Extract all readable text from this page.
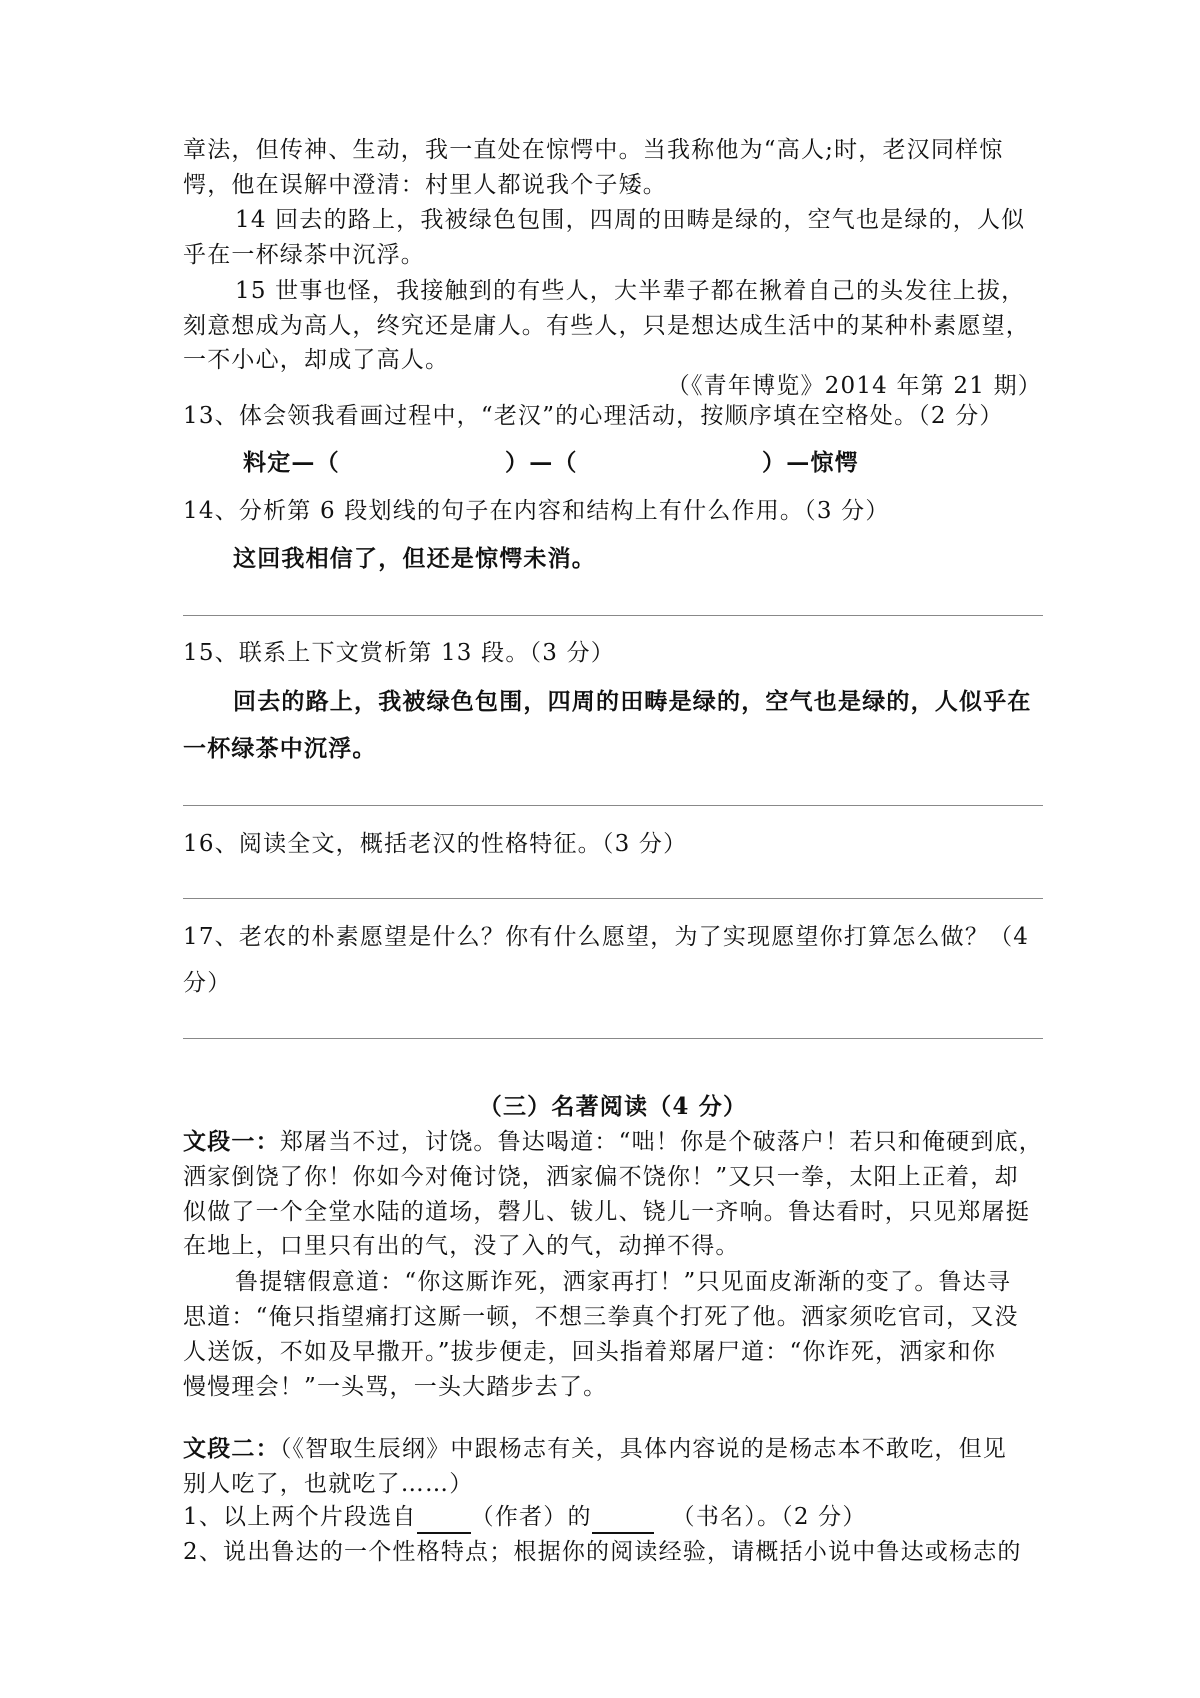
章法，但传神、生动，我一直处在惊愕中。当我称他为“高人;时，老汉同样惊
愕，他在误解中澄清：村里人都说我个子矮。
14 回去的路上，我被绿色包围，四周的田畴是绿的，空气也是绿的，人似
乎在一杯绿茶中沉浮。
15 世事也怪，我接触到的有些人，大半辈子都在揪着自己的头发往上拔，
刻意想成为高人，终究还是庸人。有些人，只是想达成生活中的某种朴素愿望，
一不小心，却成了高人。
（《青年博览》2014 年第 21 期）
13、体会领我看画过程中，“老汉”的心理活动，按顺序填在空格处。（2 分）
料定—（	）—（	）—惊愕
14、分析第 6 段划线的句子在内容和结构上有什么作用。（3 分）
这回我相信了，但还是惊愕未消。
15、联系上下文赏析第 13 段。（3 分）
回去的路上，我被绿色包围，四周的田畴是绿的，空气也是绿的，人似乎在
一杯绿茶中沉浮。
16、阅读全文，概括老汉的性格特征。（3 分）
17、老农的朴素愿望是什么？你有什么愿望，为了实现愿望你打算怎么做？（4
分）
（三）名著阅读（4 分）
文段一：郑屠当不过，讨饶。鲁达喝道：“咄！你是个破落户！若只和俺硬到底，
洒家倒饶了你！你如今对俺讨饶，洒家偏不饶你！”又只一拳，太阳上正着，却
似做了一个全堂水陆的道场，磬儿、钹儿、铙儿一齐响。鲁达看时，只见郑屠挺
在地上，口里只有出的气，没了入的气，动掸不得。
鲁提辖假意道：“你这厮诈死，洒家再打！”只见面皮渐渐的变了。鲁达寻
思道：“俺只指望痛打这厮一顿，不想三拳真个打死了他。洒家须吃官司，又没
人送饭，不如及早撒开。”拔步便走，回头指着郑屠尸道：“你诈死，洒家和你
慢慢理会！”一头骂，一头大踏步去了。
文段二：（《智取生辰纲》中跟杨志有关，具体内容说的是杨志本不敢吃，但见
别人吃了，也就吃了……）
1、以上两个片段选自 （作者）的	（书名）。（2 分）
2、说出鲁达的一个性格特点；根据你的阅读经验，请概括小说中鲁达或杨志的
